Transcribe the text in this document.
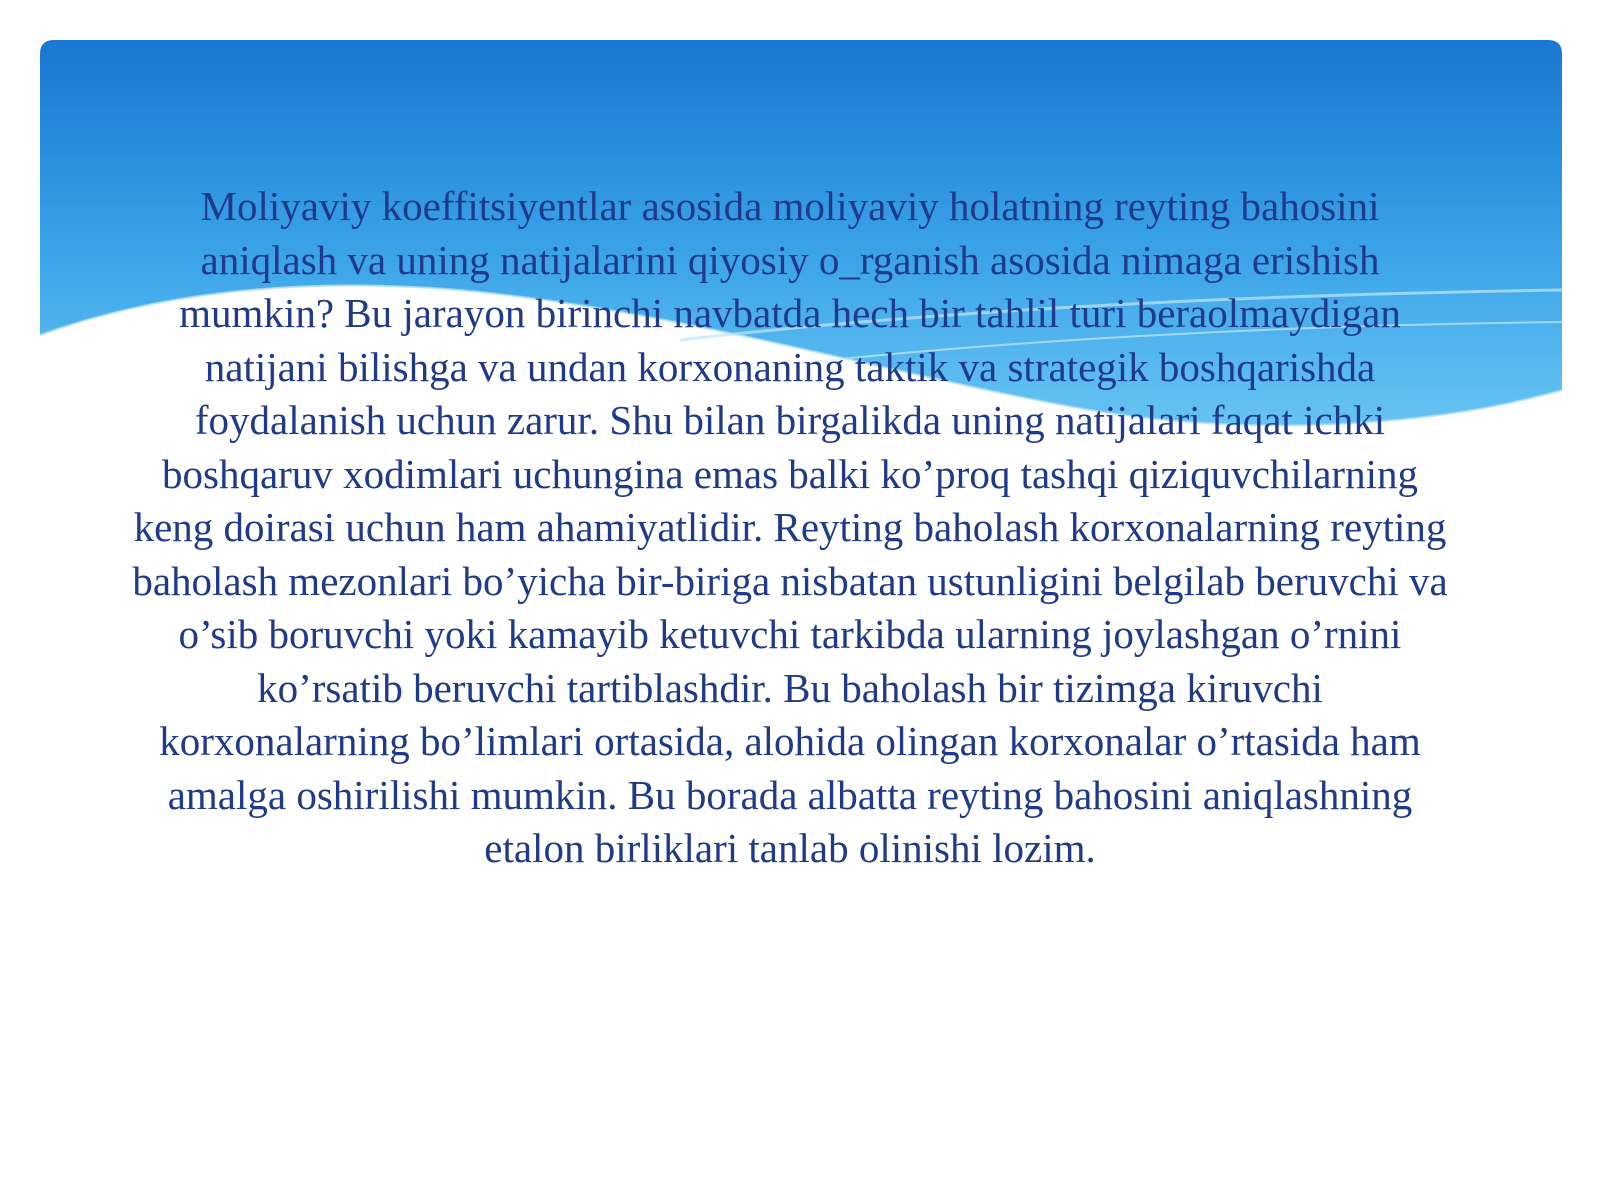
Moliyaviy koeffitsiyentlar asosida moliyaviy holatning reyting bahosini aniqlash va uning natijalarini qiyosiy o_rganish asosida nimaga erishish mumkin? Bu jarayon birinchi navbatda hech bir tahlil turi beraolmaydigan natijani bilishga va undan korxonaning taktik va strategik boshqarishda foydalanish uchun zarur. Shu bilan birgalikda uning natijalari faqat ichki boshqaruv xodimlari uchungina emas balki ko’proq tashqi qiziquvchilarning keng doirasi uchun ham ahamiyatlidir. Reyting baholash korxonalarning reyting baholash mezonlari bo’yicha bir-biriga nisbatan ustunligini belgilab beruvchi va o’sib boruvchi yoki kamayib ketuvchi tarkibda ularning joylashgan o’rnini ko’rsatib beruvchi tartiblashdir. Bu baholash bir tizimga kiruvchi korxonalarning bo’limlari ortasida, alohida olingan korxonalar o’rtasida ham amalga oshirilishi mumkin. Bu borada albatta reyting bahosini aniqlashning etalon birliklari tanlab olinishi lozim.
